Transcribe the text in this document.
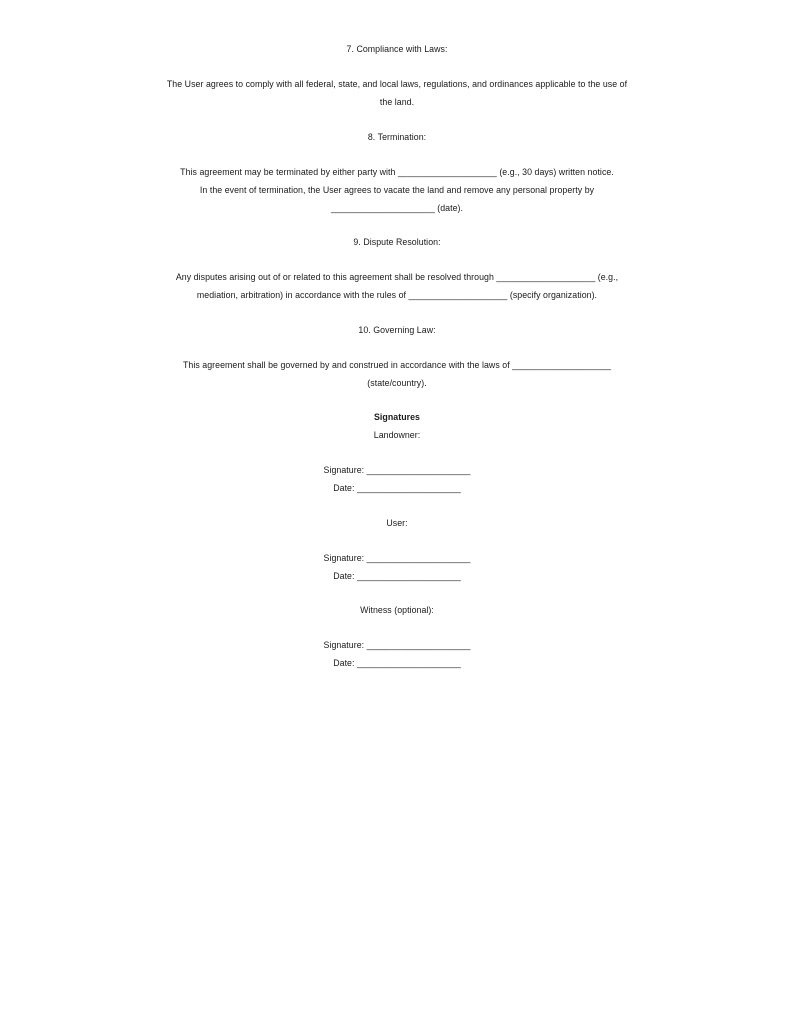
7. Compliance with Laws:
The User agrees to comply with all federal, state, and local laws, regulations, and ordinances applicable to the use of
the land.
8. Termination:
This agreement may be terminated by either party with ____________________ (e.g., 30 days) written notice.
In the event of termination, the User agrees to vacate the land and remove any personal property by
_____________________ (date).
9. Dispute Resolution:
Any disputes arising out of or related to this agreement shall be resolved through ____________________ (e.g.,
mediation, arbitration) in accordance with the rules of ____________________ (specify organization).
10. Governing Law:
This agreement shall be governed by and construed in accordance with the laws of ____________________
(state/country).
Signatures
Landowner:
Signature: _____________________
Date: _____________________
User:
Signature: _____________________
Date: _____________________
Witness (optional):
Signature: _____________________
Date: _____________________
